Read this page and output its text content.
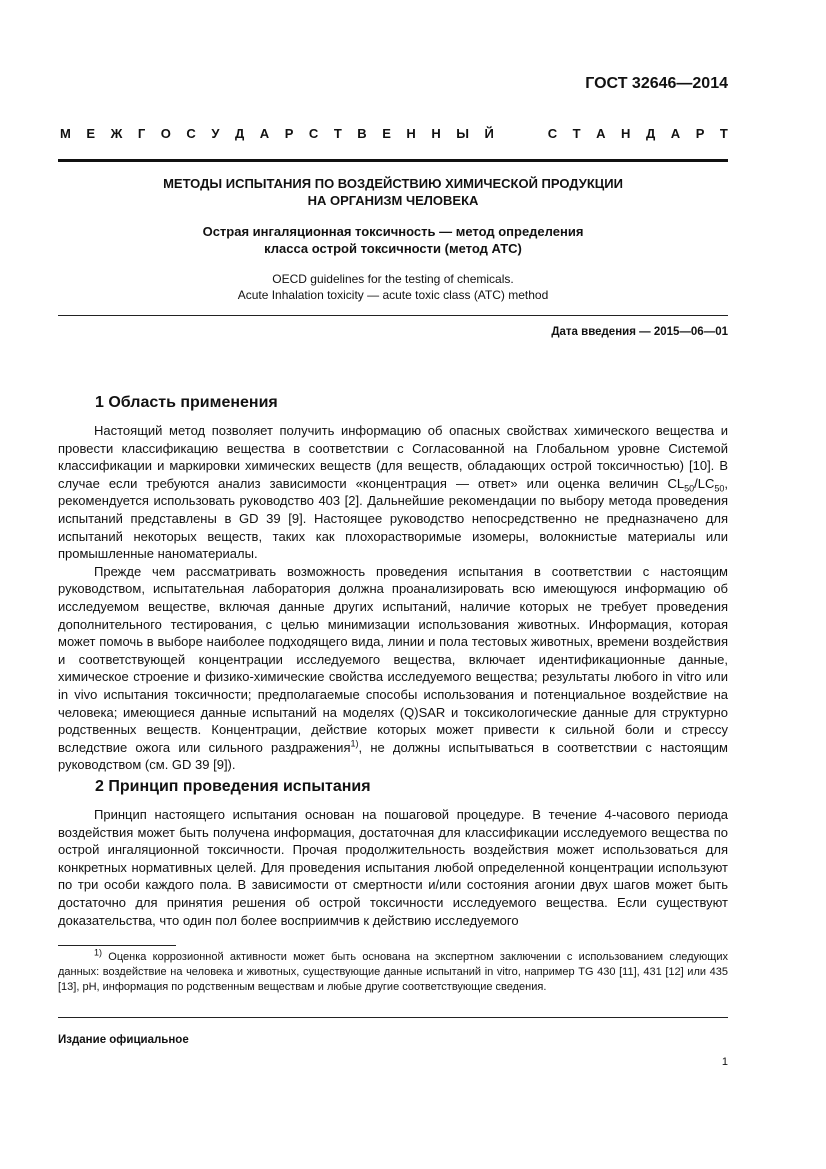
ГОСТ 32646—2014
М Е Ж Г О С У Д А Р С Т В Е Н Н Ы Й

	С Т А Н Д А Р Т
МЕТОДЫ ИСПЫТАНИЯ ПО ВОЗДЕЙСТВИЮ ХИМИЧЕСКОЙ ПРОДУКЦИИ
НА ОРГАНИЗМ ЧЕЛОВЕКА
Острая ингаляционная токсичность — метод определения
класса острой токсичности (метод АТС)
OECD guidelines for the testing of chemicals.
Acute Inhalation toxicity — acute toxic class (ATC) method
Дата введения — 2015—06—01
1 Область применения

Настоящий метод позволяет получить информацию об опасных свойствах химического вещества и провести классификацию вещества в соответствии с Согласованной на Глобальном уровне Системой классификации и маркировки химических веществ (для веществ, обладающих острой токсичностью) [10]. В случае если требуются анализ зависимости «концентрация — ответ» или оценка величин $CL_{50}/LC_{50}$, рекомендуется использовать руководство 403 [2]. Дальнейшие рекомендации по выбору метода проведения испытаний представлены в GD 39 [9]. Настоящее руководство непосредственно не предназначено для испытаний некоторых веществ, таких как плохорастворимые изомеры, волокнистые материалы или промышленные наноматериалы.

Прежде чем рассматривать возможность проведения испытания в соответствии с настоящим руководством, испытательная лаборатория должна проанализировать всю имеющуюся информацию об исследуемом веществе, включая данные других испытаний, наличие которых не требует проведения дополнительного тестирования, с целью минимизации использования животных. Информация, которая может помочь в выборе наиболее подходящего вида, линии и пола тестовых животных, времени воздействия и соответствующей концентрации исследуемого вещества, включает идентификационные данные, химическое строение и физико-химические свойства исследуемого вещества; результаты любого in vitro или in vivo испытания токсичности; предполагаемые способы использования и потенциальное воздействие на человека; имеющиеся данные испытаний на моделях (Q)SAR и токсикологические данные для структурно родственных веществ. Концентрации, действие которых может привести к сильной боли и стрессу вследствие ожога или сильного раздражения$^{1)}$, не должны испытываться в соответствии с настоящим руководством (см. GD 39 [9]).

2 Принцип проведения испытания

Принцип настоящего испытания основан на пошаговой процедуре. В течение 4-часового периода воздействия может быть получена информация, достаточная для классификации исследуемого вещества по острой ингаляционной токсичности. Прочая продолжительность воздействия может использоваться для конкретных нормативных целей. Для проведения испытания любой определенной концентрации используют по три особи каждого пола. В зависимости от смертности и/или состояния агонии двух шагов может быть достаточно для принятия решения об острой токсичности исследуемого вещества. Если существуют доказательства, что один пол более восприимчив к действию исследуемого

$^{1)}$ Оценка коррозионной активности может быть основана на экспертном заключении с использованием следующих данных: воздействие на человека и животных, существующие данные испытаний in vitro, например TG 430 [11], 431 [12] или 435 [13], pH, информация по родственным веществам и любые другие соответствующие сведения.
Издание официальное
1
